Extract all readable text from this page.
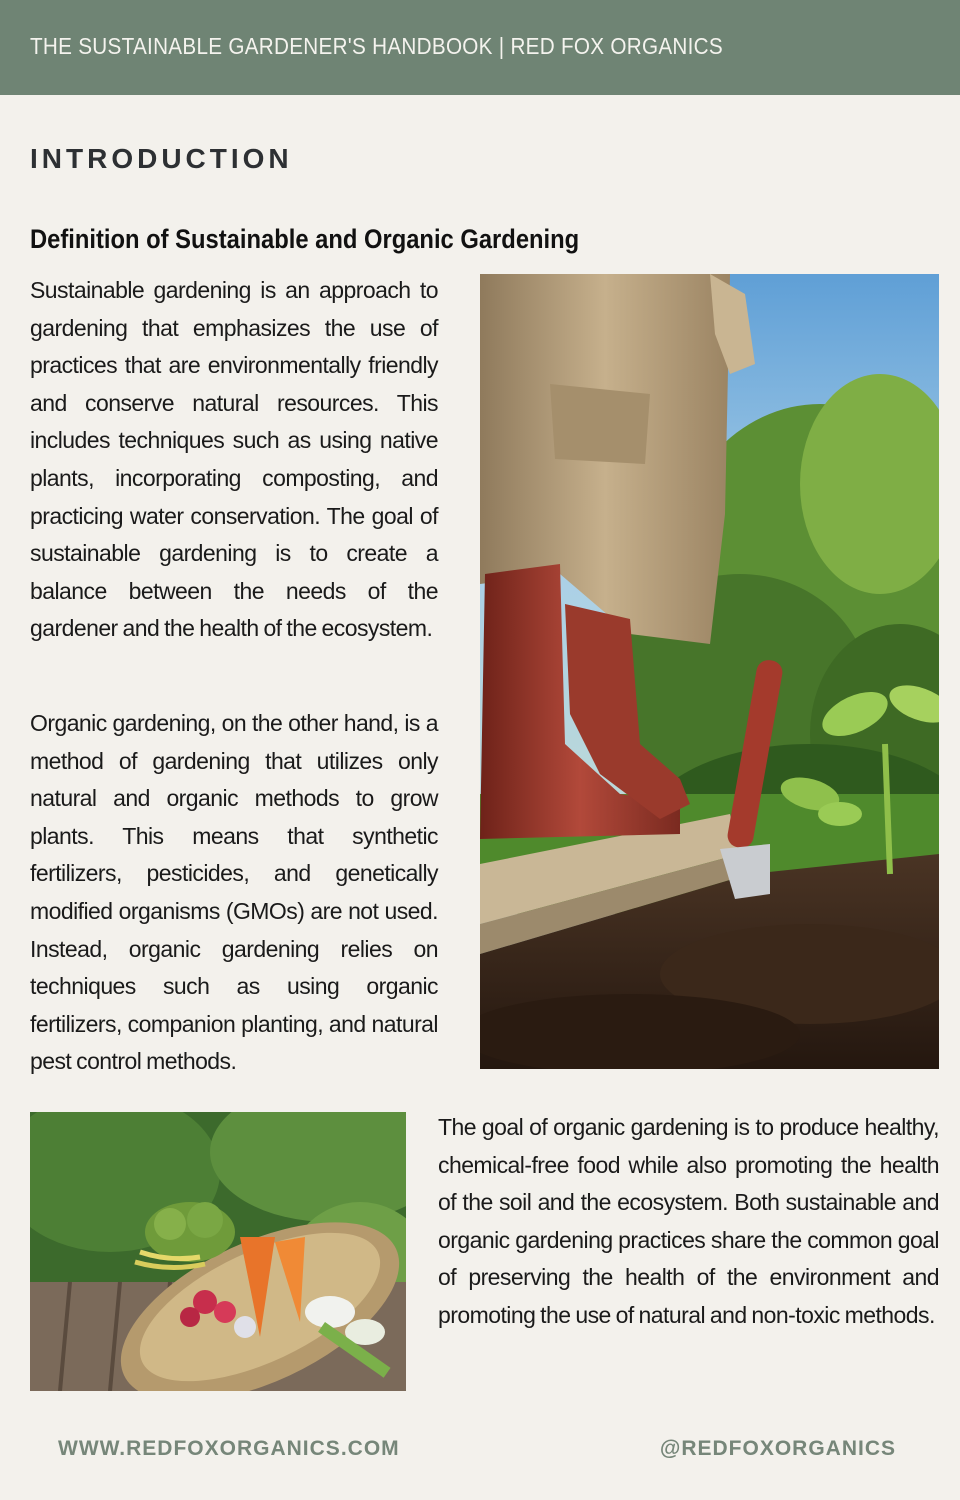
THE SUSTAINABLE GARDENER'S HANDBOOK | RED FOX ORGANICS
INTRODUCTION
Definition of Sustainable and Organic Gardening

Sustainable gardening is an approach to gardening that emphasizes the use of practices that are environmentally friendly and conserve natural resources. This includes techniques such as using native plants, incorporating composting, and practicing water conservation. The goal of sustainable gardening is to create a balance between the needs of the gardener and the health of the ecosystem.

Organic gardening, on the other hand, is a method of gardening that utilizes only natural and organic methods to grow plants. This means that synthetic fertilizers, pesticides, and genetically modified organisms (GMOs) are not used. Instead, organic gardening relies on techniques such as using organic fertilizers, companion planting, and natural pest control methods.

The goal of organic gardening is to produce healthy, chemical-free food while also promoting the health of the soil and the ecosystem. Both sustainable and organic gardening practices share the common goal of preserving the health of the environment and promoting the use of natural and non-toxic methods.

WWW.REDFOXORGANICS.COM	@REDFOXORGANICS
